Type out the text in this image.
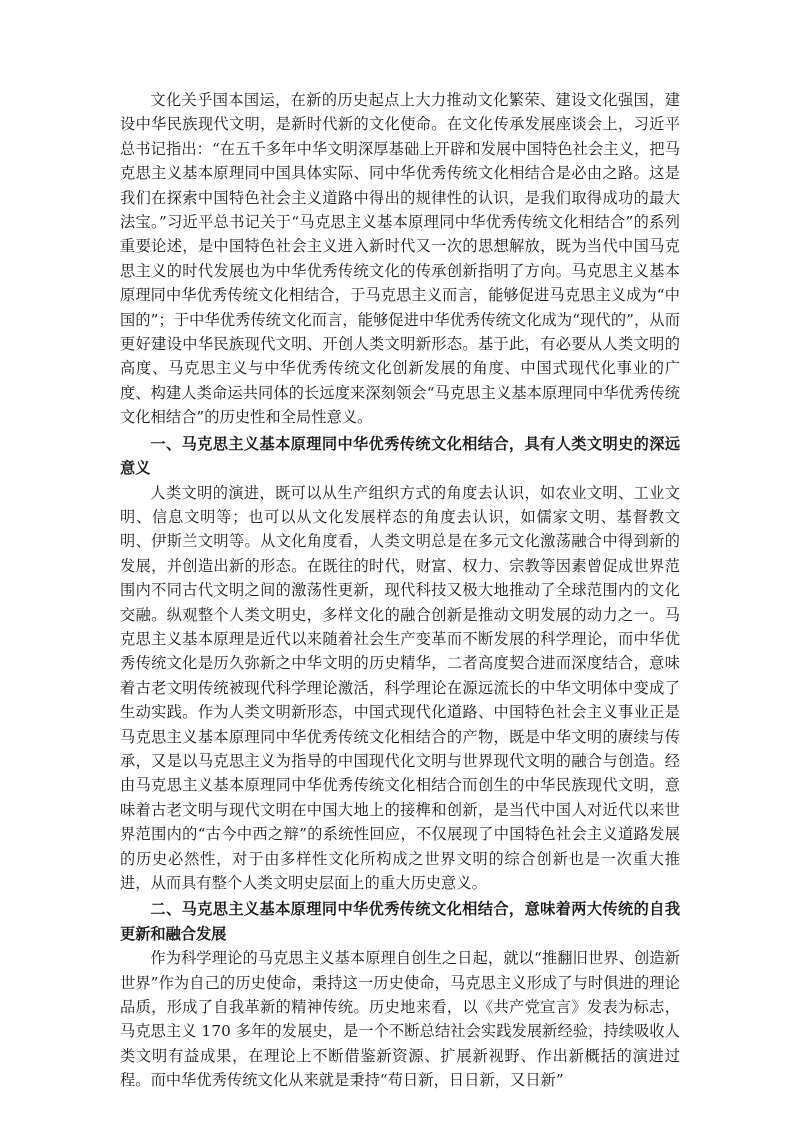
文化关乎国本国运，在新的历史起点上大力推动文化繁荣、建设文化强国，建设中华民族现代文明，是新时代新的文化使命。在文化传承发展座谈会上，习近平总书记指出：“在五千多年中华文明深厚基础上开辟和发展中国特色社会主义，把马克思主义基本原理同中国具体实际、同中华优秀传统文化相结合是必由之路。这是我们在探索中国特色社会主义道路中得出的规律性的认识，是我们取得成功的最大法宝。”习近平总书记关于“马克思主义基本原理同中华优秀传统文化相结合”的系列重要论述，是中国特色社会主义进入新时代又一次的思想解放，既为当代中国马克思主义的时代发展也为中华优秀传统文化的传承创新指明了方向。马克思主义基本原理同中华优秀传统文化相结合，于马克思主义而言，能够促进马克思主义成为“中国的”；于中华优秀传统文化而言，能够促进中华优秀传统文化成为“现代的”，从而更好建设中华民族现代文明、开创人类文明新形态。基于此，有必要从人类文明的高度、马克思主义与中华优秀传统文化创新发展的角度、中国式现代化事业的广度、构建人类命运共同体的长远度来深刻领会“马克思主义基本原理同中华优秀传统文化相结合”的历史性和全局性意义。

一、马克思主义基本原理同中华优秀传统文化相结合，具有人类文明史的深远意义

人类文明的演进，既可以从生产组织方式的角度去认识，如农业文明、工业文明、信息文明等；也可以从文化发展样态的角度去认识，如儒家文明、基督教文明、伊斯兰文明等。从文化角度看，人类文明总是在多元文化激荡融合中得到新的发展，并创造出新的形态。在既往的时代，财富、权力、宗教等因素曾促成世界范围内不同古代文明之间的激荡性更新，现代科技又极大地推动了全球范围内的文化交融。纵观整个人类文明史，多样文化的融合创新是推动文明发展的动力之一。马克思主义基本原理是近代以来随着社会生产变革而不断发展的科学理论，而中华优秀传统文化是历久弥新之中华文明的历史精华，二者高度契合进而深度结合，意味着古老文明传统被现代科学理论激活，科学理论在源远流长的中华文明体中变成了生动实践。作为人类文明新形态，中国式现代化道路、中国特色社会主义事业正是马克思主义基本原理同中华优秀传统文化相结合的产物，既是中华文明的赓续与传承，又是以马克思主义为指导的中国现代化文明与世界现代文明的融合与创造。经由马克思主义基本原理同中华优秀传统文化相结合而创生的中华民族现代文明，意味着古老文明与现代文明在中国大地上的接榫和创新，是当代中国人对近代以来世界范围内的“古今中西之辩”的系统性回应，不仅展现了中国特色社会主义道路发展的历史必然性，对于由多样性文化所构成之世界文明的综合创新也是一次重大推进，从而具有整个人类文明史层面上的重大历史意义。

二、马克思主义基本原理同中华优秀传统文化相结合，意味着两大传统的自我更新和融合发展

作为科学理论的马克思主义基本原理自创生之日起，就以“推翻旧世界、创造新世界”作为自己的历史使命，秉持这一历史使命，马克思主义形成了与时俱进的理论品质，形成了自我革新的精神传统。历史地来看，以《共产党宣言》发表为标志，马克思主义 170 多年的发展史，是一个不断总结社会实践发展新经验，持续吸收人类文明有益成果，在理论上不断借鉴新资源、扩展新视野、作出新概括的演进过程。而中华优秀传统文化从来就是秉持“苟日新，日日新，又日新”
